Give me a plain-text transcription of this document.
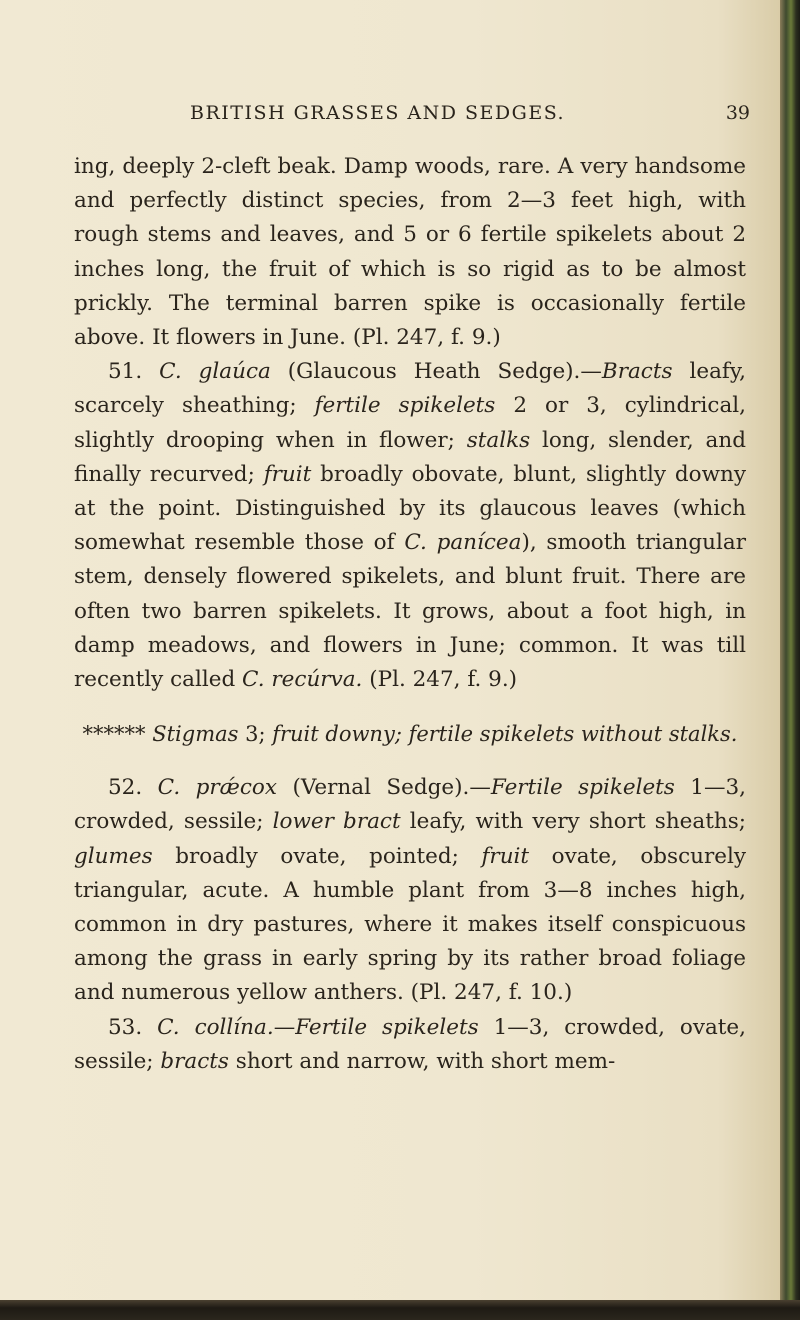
BRITISH GRASSES AND SEDGES.	39

ing, deeply 2-cleft beak. Damp woods, rare. A very handsome and perfectly distinct species, from 2—3 feet high, with rough stems and leaves, and 5 or 6 fertile spikelets about 2 inches long, the fruit of which is so rigid as to be almost prickly. The terminal barren spike is occasionally fertile above. It flowers in June. (Pl. 247, f. 9.)

51. C. glaúca (Glaucous Heath Sedge).—Bracts leafy, scarcely sheathing; fertile spikelets 2 or 3, cylindrical, slightly drooping when in flower; stalks long, slender, and finally recurved; fruit broadly obovate, blunt, slightly downy at the point. Distinguished by its glaucous leaves (which somewhat resemble those of C. panícea), smooth triangular stem, densely flowered spikelets, and blunt fruit. There are often two barren spikelets. It grows, about a foot high, in damp meadows, and flowers in June; common. It was till recently called C. recúrva. (Pl. 247, f. 9.)

****** Stigmas 3; fruit downy; fertile spikelets without stalks.

52. C. prǽcox (Vernal Sedge).—Fertile spikelets 1—3, crowded, sessile; lower bract leafy, with very short sheaths; glumes broadly ovate, pointed; fruit ovate, obscurely triangular, acute. A humble plant from 3—8 inches high, common in dry pastures, where it makes itself conspicuous among the grass in early spring by its rather broad foliage and numerous yellow anthers. (Pl. 247, f. 10.)

53. C. collína.—Fertile spikelets 1—3, crowded, ovate, sessile; bracts short and narrow, with short mem-
